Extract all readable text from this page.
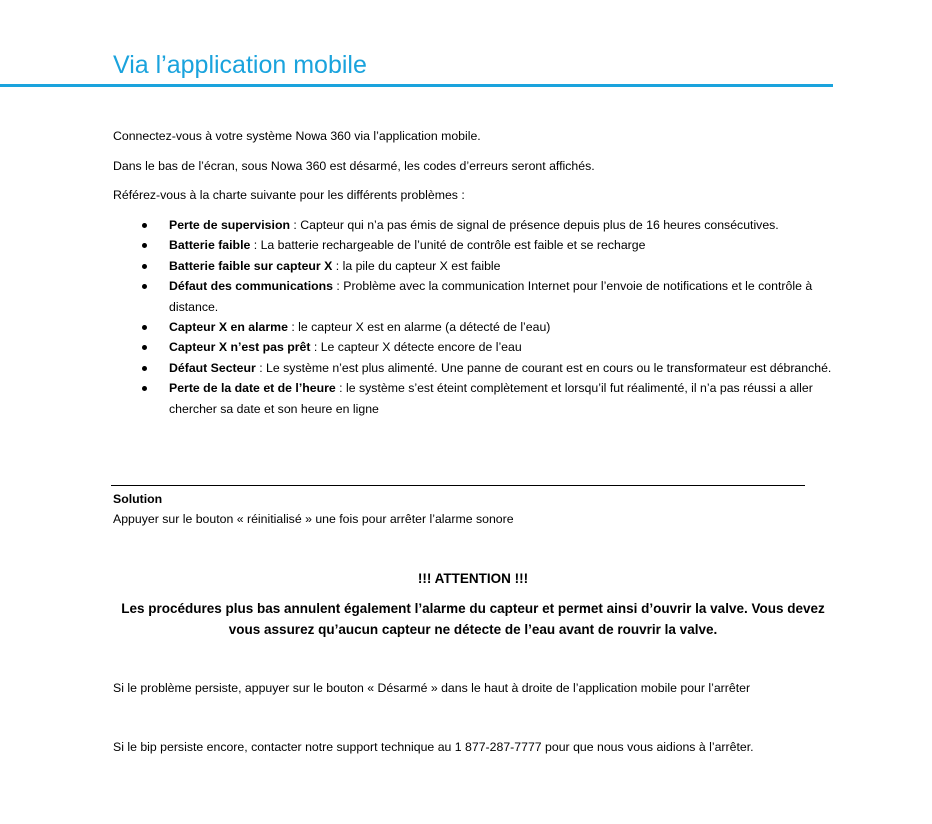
Via l’application mobile
Connectez-vous à votre système Nowa 360 via l’application mobile.
Dans le bas de l’écran, sous Nowa 360 est désarmé, les codes d’erreurs seront affichés.
Référez-vous à la charte suivante pour les différents problèmes :
Perte de supervision : Capteur qui n’a pas émis de signal de présence depuis plus de 16 heures consécutives.
Batterie faible : La batterie rechargeable de l’unité de contrôle est faible et se recharge
Batterie faible sur capteur X : la pile du capteur X est faible
Défaut des communications : Problème avec la communication Internet pour l’envoie de notifications et le contrôle à distance.
Capteur X en alarme : le capteur X est en alarme (a détecté de l’eau)
Capteur X n’est pas prêt : Le capteur X détecte encore de l’eau
Défaut Secteur : Le système n’est plus alimenté. Une panne de courant est en cours ou le transformateur est débranché.
Perte de la date et de l’heure : le système s’est éteint complètement et lorsqu’il fut réalimenté, il n’a pas réussi a aller chercher sa date et son heure en ligne
Solution
Appuyer sur le bouton « réinitialisé » une fois pour arrêter l’alarme sonore
!!! ATTENTION !!!
Les procédures plus bas annulent également l’alarme du capteur et permet ainsi d’ouvrir la valve. Vous devez vous assurez qu’aucun capteur ne détecte de l’eau avant de rouvrir la valve.
Si le problème persiste, appuyer sur le bouton « Désarmé » dans le haut à droite de l’application mobile pour l’arrêter
Si le bip persiste encore, contacter notre support technique au 1 877-287-7777 pour que nous vous aidions à l’arrêter.
